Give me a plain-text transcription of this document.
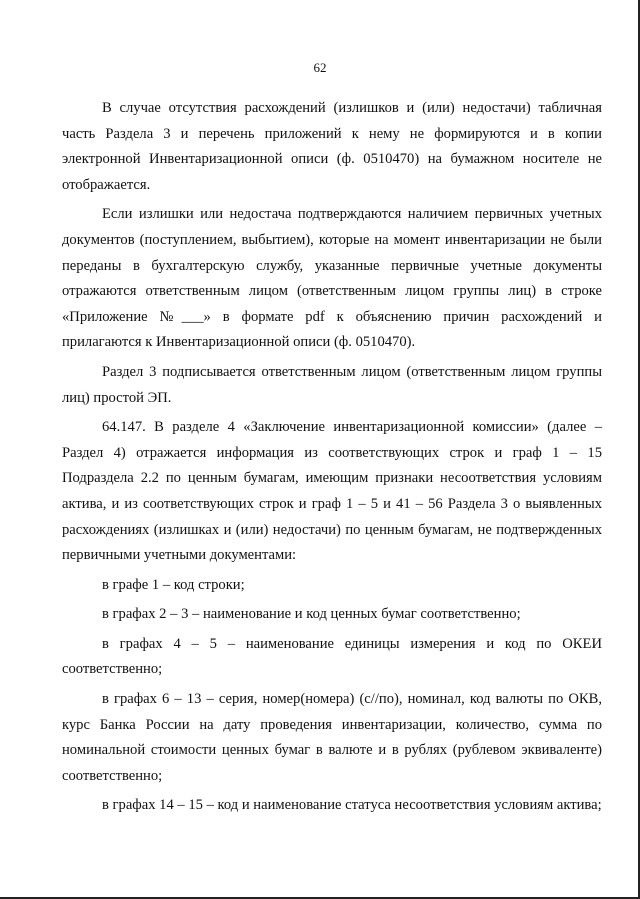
62

В случае отсутствия расхождений (излишков и (или) недостачи) табличная часть Раздела 3 и перечень приложений к нему не формируются и в копии электронной Инвентаризационной описи (ф. 0510470) на бумажном носителе не отображается.

Если излишки или недостача подтверждаются наличием первичных учетных документов (поступлением, выбытием), которые на момент инвентаризации не были переданы в бухгалтерскую службу, указанные первичные учетные документы отражаются ответственным лицом (ответственным лицом группы лиц) в строке «Приложение №___» в формате pdf к объяснению причин расхождений и прилагаются к Инвентаризационной описи (ф. 0510470).

Раздел 3 подписывается ответственным лицом (ответственным лицом группы лиц) простой ЭП.

64.147. В разделе 4 «Заключение инвентаризационной комиссии» (далее – Раздел 4) отражается информация из соответствующих строк и граф 1 – 15 Подраздела 2.2 по ценным бумагам, имеющим признаки несоответствия условиям актива, и из соответствующих строк и граф 1 – 5 и 41 – 56 Раздела 3 о выявленных расхождениях (излишках и (или) недостачи) по ценным бумагам, не подтвержденных первичными учетными документами:

в графе 1 – код строки;

в графах 2 – 3 – наименование и код ценных бумаг соответственно;

в графах 4 – 5 – наименование единицы измерения и код по ОКЕИ соответственно;

в графах 6 – 13 – серия, номер(номера) (с//по), номинал, код валюты по ОКВ, курс Банка России на дату проведения инвентаризации, количество, сумма по номинальной стоимости ценных бумаг в валюте и в рублях (рублевом эквиваленте) соответственно;

в графах 14 – 15 – код и наименование статуса несоответствия условиям актива;
